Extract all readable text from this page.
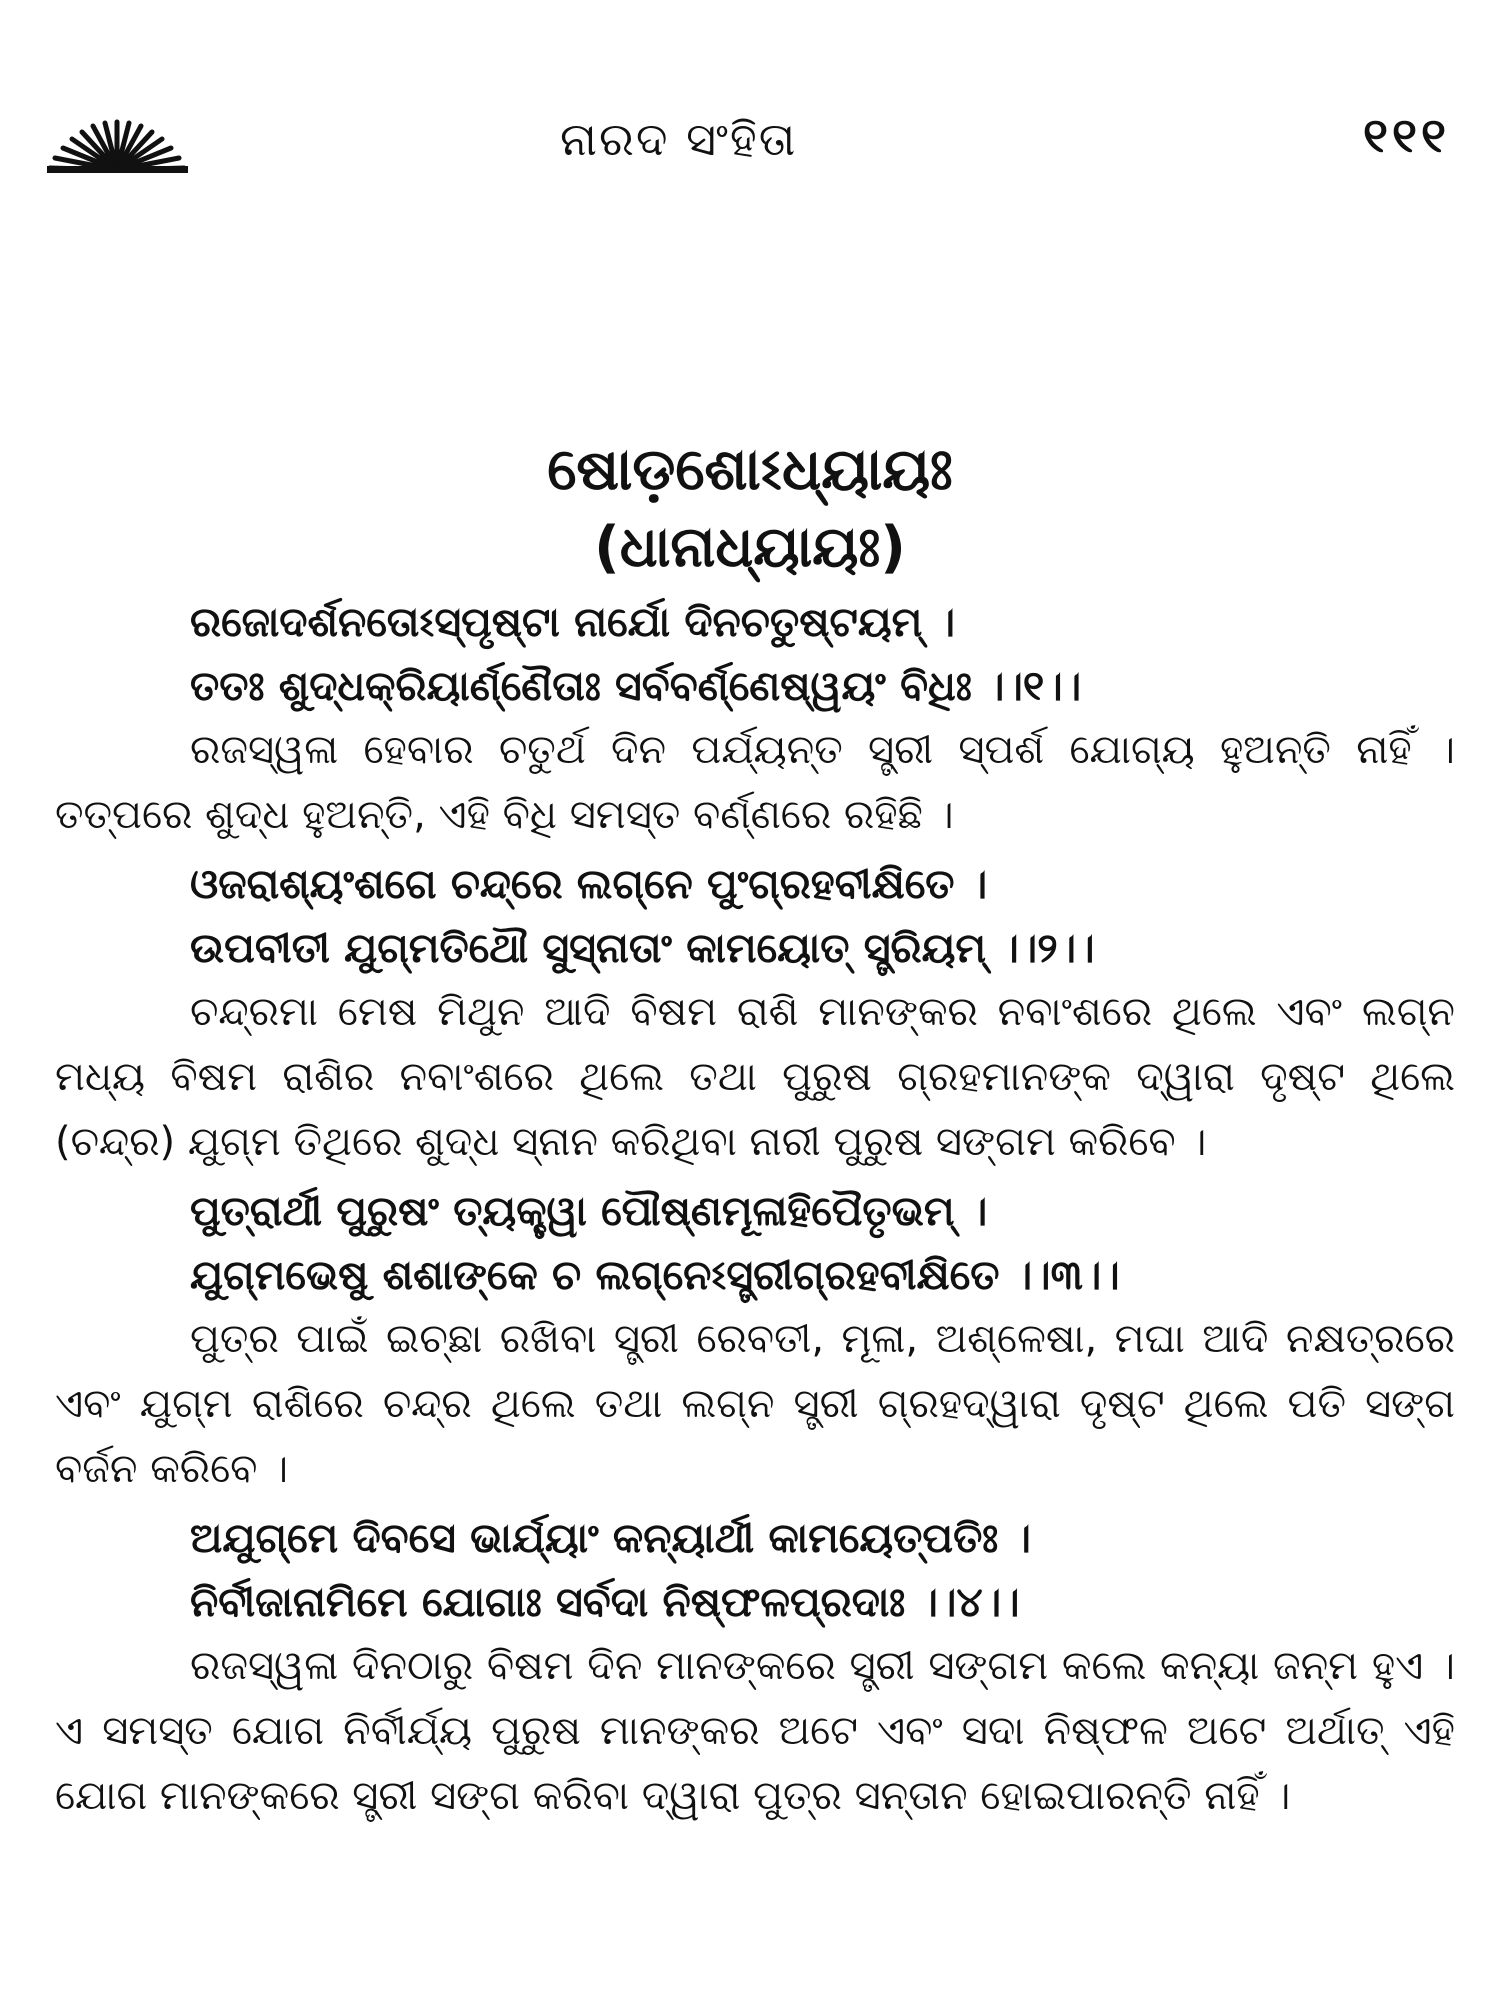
ନାରଦ ସଂହିତା	୧୧୧
ଷୋଡ଼ଶୋଽଧ୍ୟାୟଃ
(ଧାନାଧ୍ୟାୟଃ)
ରଜୋଦର୍ଶନତୋଽସ୍ପୃଷ୍ଟା ନାର୍ଯୋ ଦିନଚତୁଷ୍ଟୟମ୍ ।
ତତଃ ଶୁଦ୍ଧକ୍ରିୟାର୍ଣ୍ଣୈତାଃ ସର୍ବବର୍ଣ୍ଣେଷ୍ୱୟଂ ବିଧିଃ ।।୧।।

ରଜସ୍ୱଳା ହେବାର ଚତୁର୍ଥ ଦିନ ପର୍ଯ୍ୟନ୍ତ ସ୍ତ୍ରୀ ସ୍ପର୍ଶ ଯୋଗ୍ୟ ହୁଅନ୍ତି ନାହିଁ । ତତ୍ପରେ ଶୁଦ୍ଧ ହୁଅନ୍ତି, ଏହି ବିଧି ସମସ୍ତ ବର୍ଣ୍ଣରେ ରହିଛି ।

ଓଜରାଶ୍ୟଂଶଗେ ଚନ୍ଦ୍ରେ ଲଗ୍ନେ ପୁଂଗ୍ରହବୀକ୍ଷିତେ ।
ଉପବୀତୀ ଯୁଗ୍ମତିଥୌ ସୁସ୍ନାତାଂ କାମୟୋତ୍ ସ୍ତ୍ରିୟମ୍ ।।୨।।

ଚନ୍ଦ୍ରମା ମେଷ ମିଥୁନ ଆଦି ବିଷମ ରାଶି ମାନଙ୍କର ନବାଂଶରେ ଥିଲେ ଏବଂ ଲଗ୍ନ ମଧ୍ୟ ବିଷମ ରାଶିର ନବାଂଶରେ ଥିଲେ ତଥା ପୁରୁଷ ଗ୍ରହମାନଙ୍କ ଦ୍ୱାରା ଦୃଷ୍ଟ ଥିଲେ (ଚନ୍ଦ୍ର) ଯୁଗ୍ମ ତିଥିରେ ଶୁଦ୍ଧ ସ୍ନାନ କରିଥିବା ନାରୀ ପୁରୁଷ ସଙ୍ଗମ କରିବେ ।

ପୁତ୍ରାର୍ଥୀ ପୁରୁଷଂ ତ୍ୟକ୍ତ୍ୱା ପୌଷ୍ଣମୂଳାହିପୈତୃଭମ୍ ।
ଯୁଗ୍ମଭେଷୁ ଶଶାଙ୍କେ ଚ ଲଗ୍ନେଽସ୍ତ୍ରୀଗ୍ରହବୀକ୍ଷିତେ ।।୩।।

ପୁତ୍ର ପାଇଁ ଇଚ୍ଛା ରଖିବା ସ୍ତ୍ରୀ ରେବତୀ, ମୂଳା, ଅଶ୍ଳେଷା, ମଘା ଆଦି ନକ୍ଷତ୍ରରେ ଏବଂ ଯୁଗ୍ମ ରାଶିରେ ଚନ୍ଦ୍ର ଥିଲେ ତଥା ଲଗ୍ନ ସ୍ତ୍ରୀ ଗ୍ରହଦ୍ୱାରା ଦୃଷ୍ଟ ଥିଲେ ପତି ସଙ୍ଗ ବର୍ଜନ କରିବେ ।

ଅଯୁଗ୍ମେ ଦିବସେ ଭାର୍ଯ୍ୟାଂ କନ୍ୟାର୍ଥୀ କାମୟେତ୍ପତିଃ ।
ନିର୍ବୀଜାନାମିମେ ଯୋଗାଃ ସର୍ବଦା ନିଷ୍ଫଳପ୍ରଦାଃ ।।୪।।

ରଜସ୍ୱଳା ଦିନଠାରୁ ବିଷମ ଦିନ ମାନଙ୍କରେ ସ୍ତ୍ରୀ ସଙ୍ଗମ କଲେ କନ୍ୟା ଜନ୍ମ ହୁଏ । ଏ ସମସ୍ତ ଯୋଗ ନିର୍ବୀର୍ଯ୍ୟ ପୁରୁଷ ମାନଙ୍କର ଅଟେ ଏବଂ ସଦା ନିଷ୍ଫଳ ଅଟେ ଅର୍ଥାତ୍ ଏହି ଯୋଗ ମାନଙ୍କରେ ସ୍ତ୍ରୀ ସଙ୍ଗ କରିବା ଦ୍ୱାରା ପୁତ୍ର ସନ୍ତାନ ହୋଇପାରନ୍ତି ନାହିଁ ।
